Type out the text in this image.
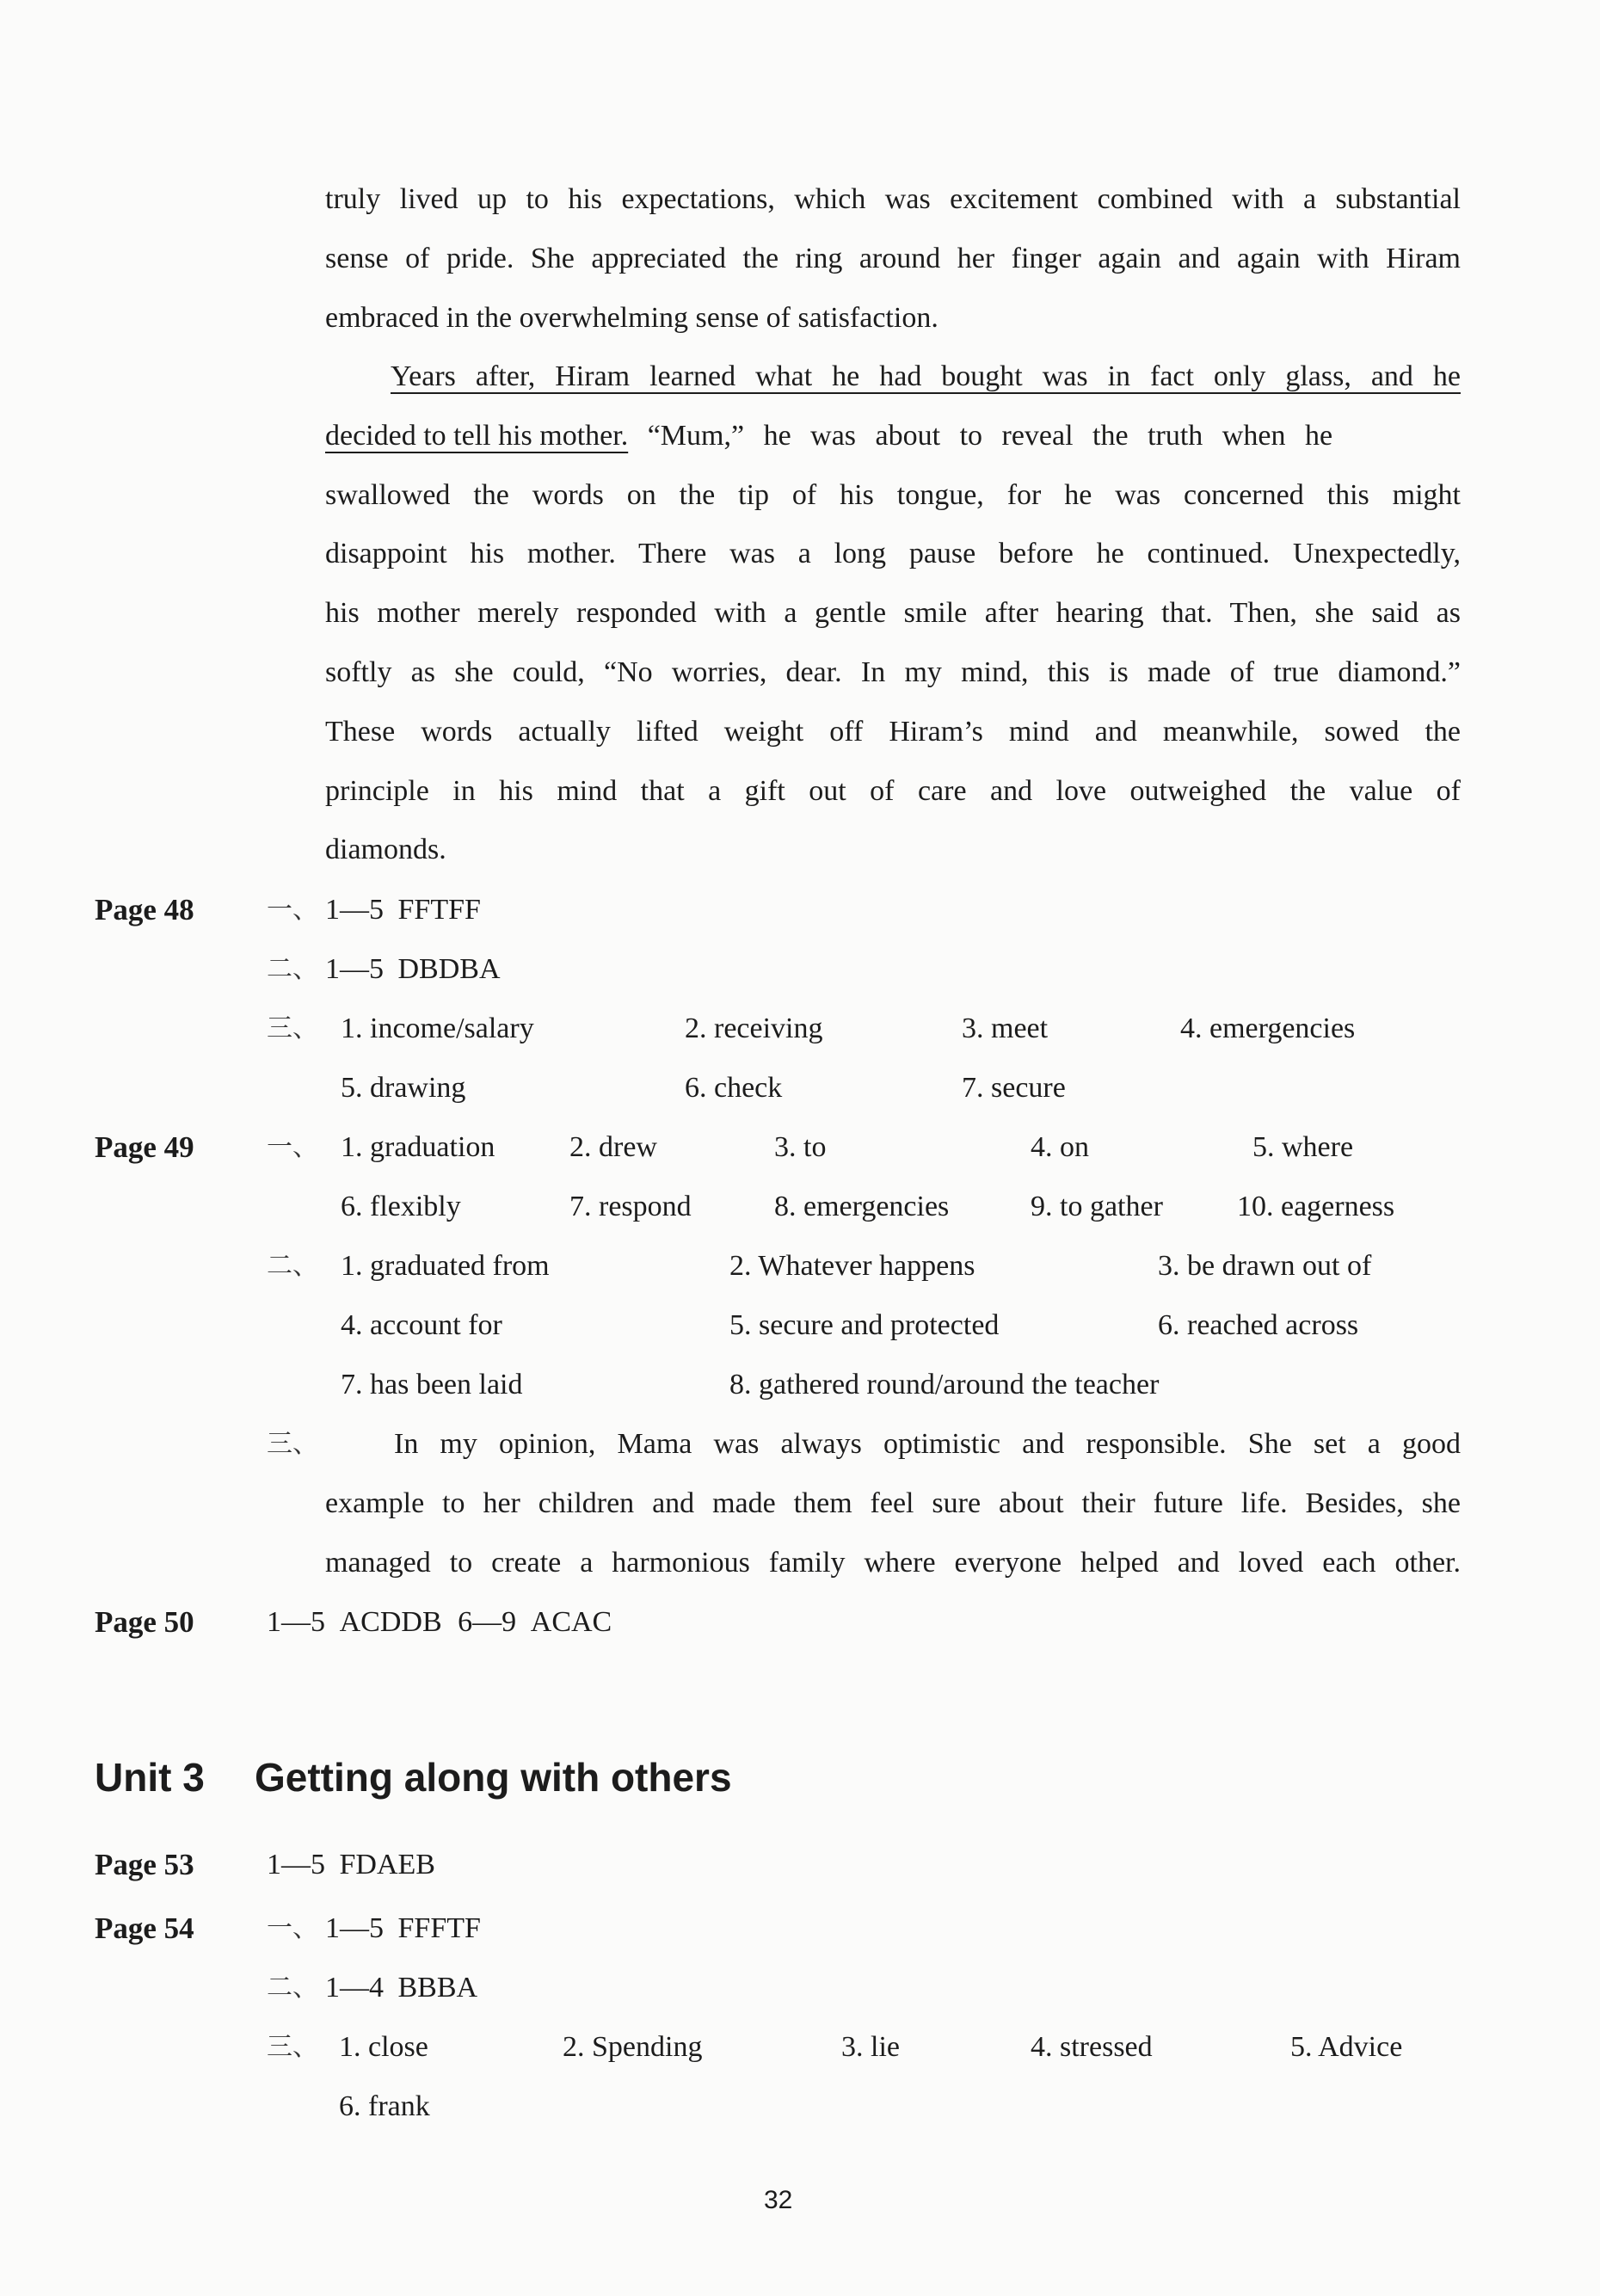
truly lived up to his expectations, which was excitement combined with a substantial
sense of pride. She appreciated the ring around her finger again and again with Hiram
embraced in the overwhelming sense of satisfaction.
Years after, Hiram learned what he had bought was in fact only glass, and he
decided to tell his mother. “Mum,” he was about to reveal the truth when he
swallowed the words on the tip of his tongue, for he was concerned this might
disappoint his mother. There was a long pause before he continued. Unexpectedly,
his mother merely responded with a gentle smile after hearing that. Then, she said as
softly as she could, “No worries, dear. In my mind, this is made of true diamond.”
These words actually lifted weight off Hiram’s mind and meanwhile, sowed the
principle in his mind that a gift out of care and love outweighed the value of
diamonds.
Page 48	一、 1—5 FFTFF
二、 1—5 DBDBA
三、 1. income/salary	2. receiving	3. meet	4. emergencies
5. drawing	6. check	7. secure
Page 49	一、 1. graduation	2. drew	3. to	4. on	5. where
6. flexibly	7. respond	8. emergencies	9. to gather	10. eagerness
二、 1. graduated from	2. Whatever happens	3. be drawn out of
4. account for	5. secure and protected	6. reached across
7. has been laid	8. gathered round/around the teacher
三、	In my opinion, Mama was always optimistic and responsible. She set a good
example to her children and made them feel sure about their future life. Besides, she
managed to create a harmonious family where everyone helped and loved each other.
Page 50 1—5 ACDDB 6—9 ACAC
Unit 3 Getting along with others
Page 53 1—5 FDAEB
Page 54	一、 1—5 FFFTF
二、 1—4 BBBA
三、 1. close	2. Spending	3. lie	4. stressed	5. Advice
6. frank
32
